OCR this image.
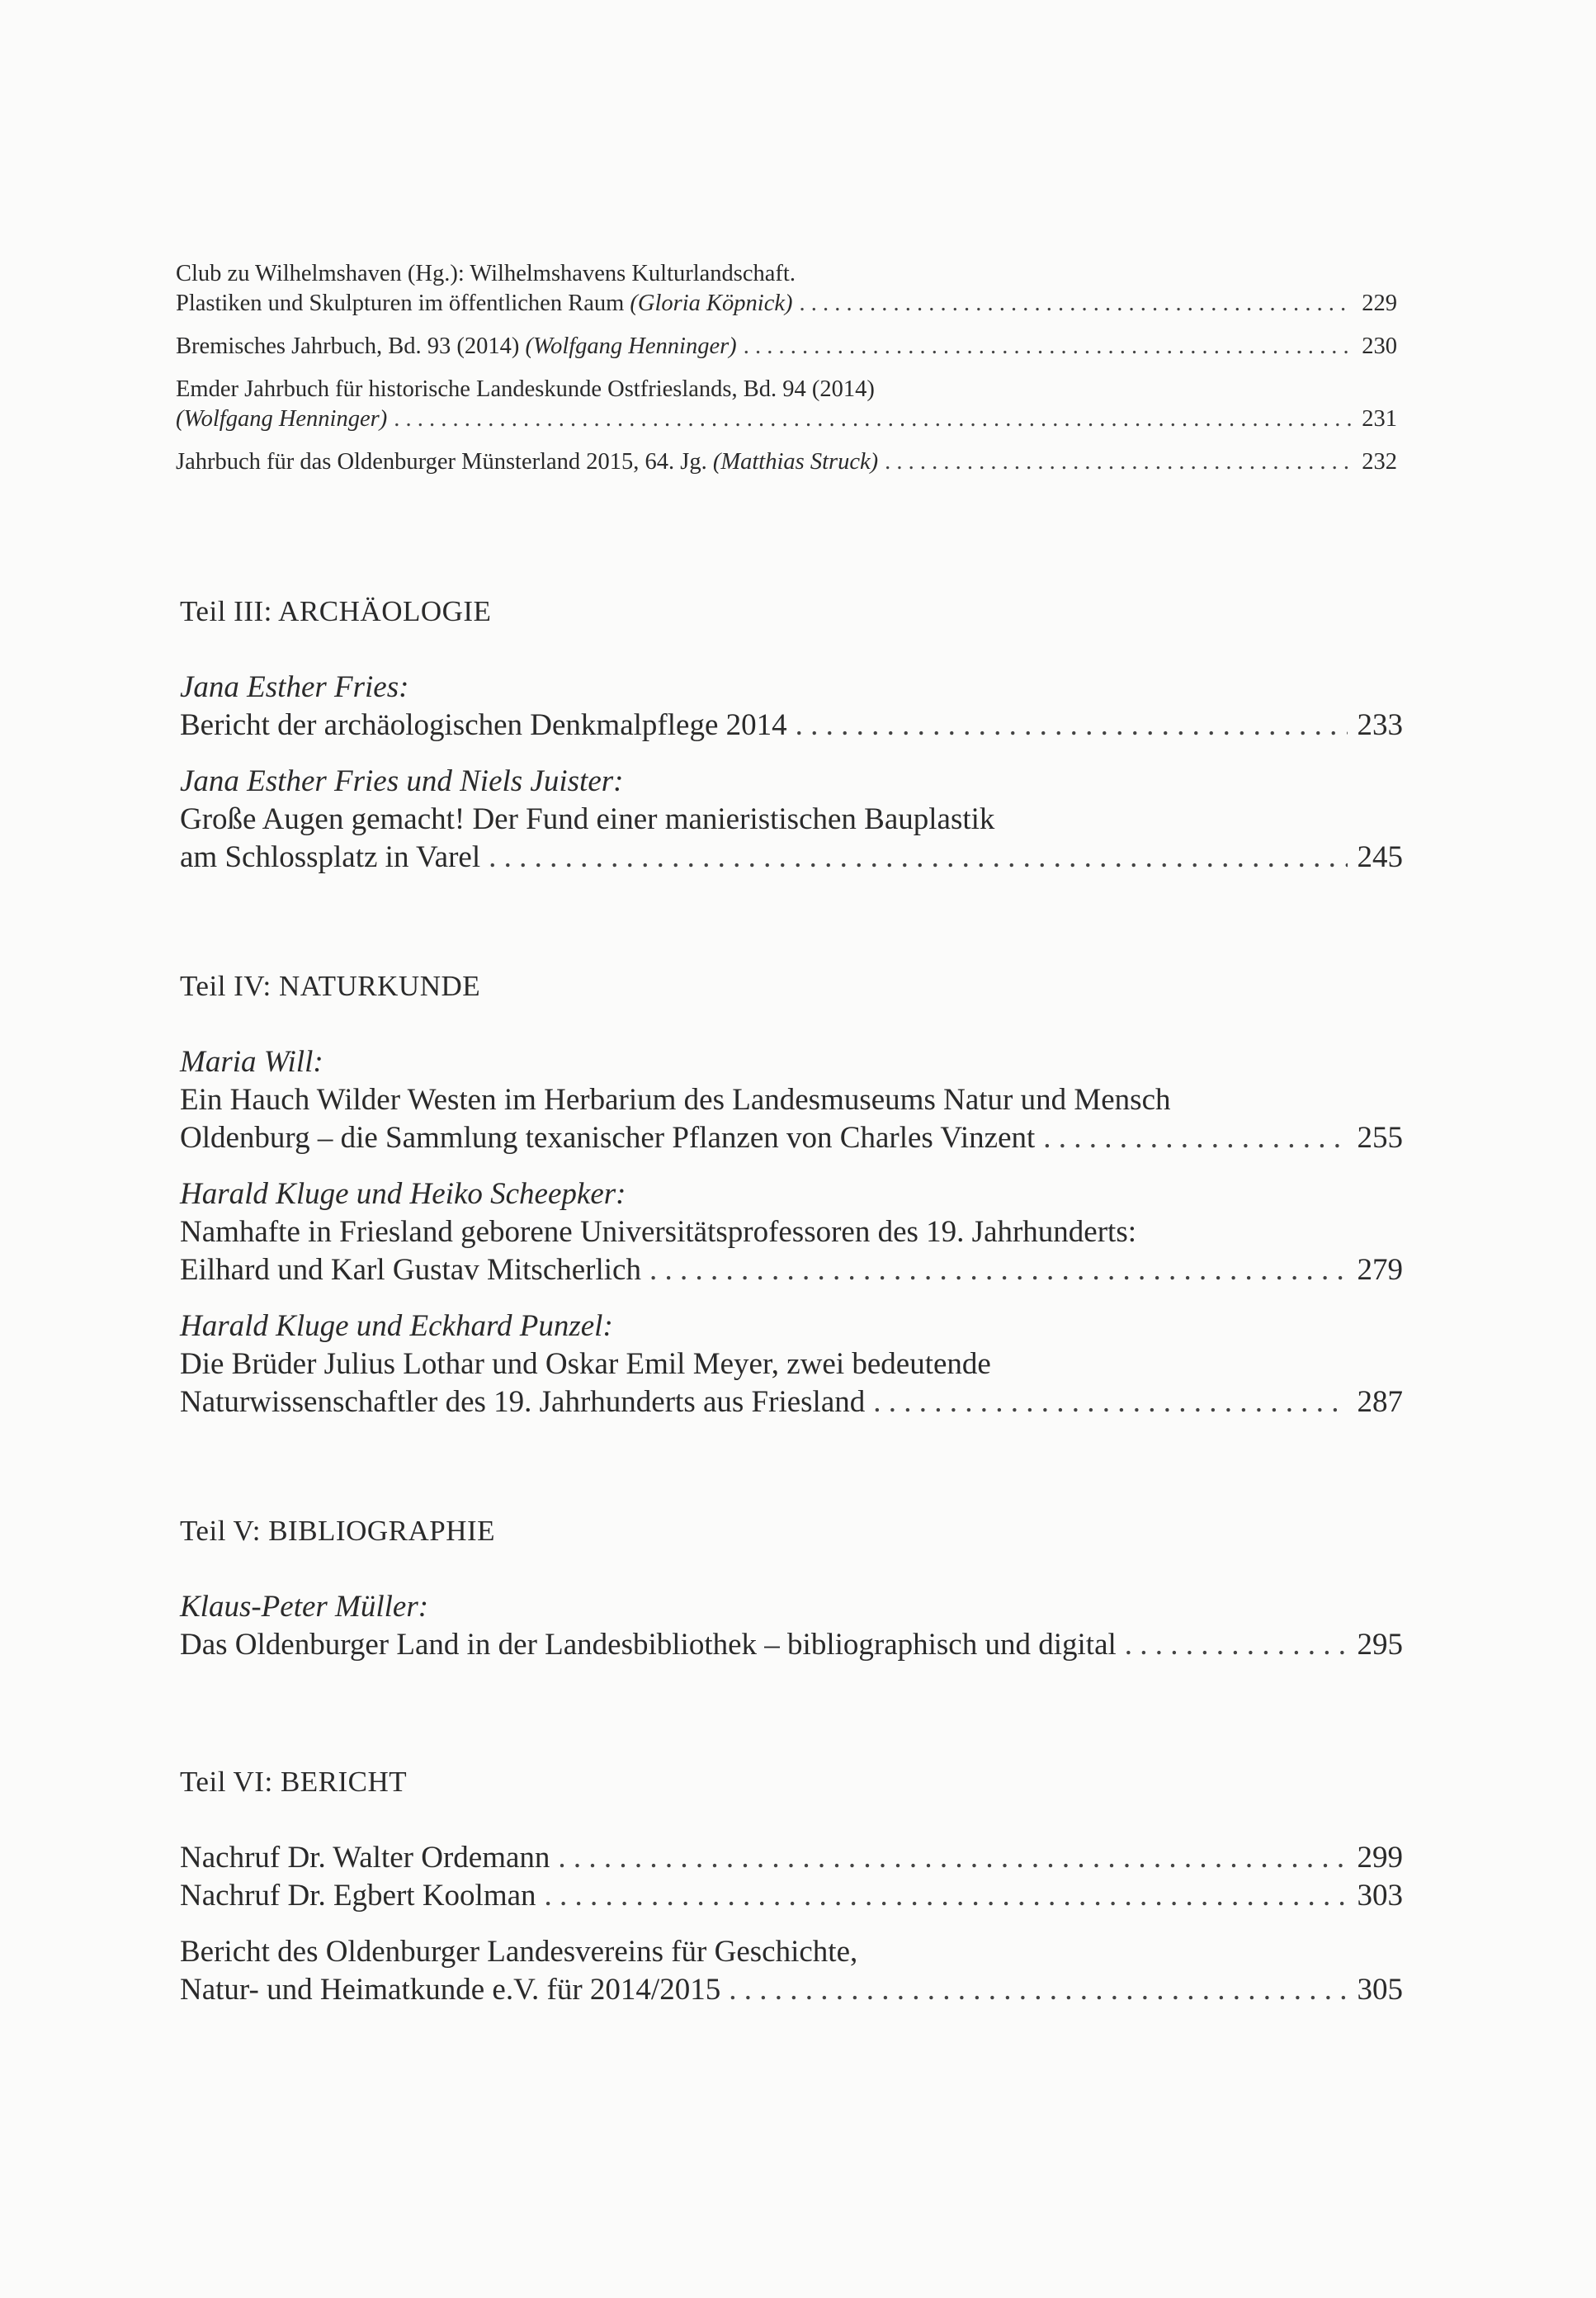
Club zu Wilhelmshaven (Hg.): Wilhelmshavens Kulturlandschaft.
Plastiken und Skulpturen im öffentlichen Raum (Gloria Köpnick) . . .	229
Bremisches Jahrbuch, Bd. 93 (2014) (Wolfgang Henninger) . . .	230
Emder Jahrbuch für historische Landeskunde Ostfrieslands, Bd. 94 (2014)
(Wolfgang Henninger) . . .	231
Jahrbuch für das Oldenburger Münsterland 2015, 64. Jg. (Matthias Struck) . . .	232
Teil III: ARCHÄOLOGIE
Jana Esther Fries:
Bericht der archäologischen Denkmalpflege 2014 . . .	233
Jana Esther Fries und Niels Juister:
Große Augen gemacht! Der Fund einer manieristischen Bauplastik
am Schlossplatz in Varel . . .	245
Teil IV: NATURKUNDE
Maria Will:
Ein Hauch Wilder Westen im Herbarium des Landesmuseums Natur und Mensch
Oldenburg – die Sammlung texanischer Pflanzen von Charles Vinzent . . .	255
Harald Kluge und Heiko Scheepker:
Namhafte in Friesland geborene Universitätsprofessoren des 19. Jahrhunderts:
Eilhard und Karl Gustav Mitscherlich . . .	279
Harald Kluge und Eckhard Punzel:
Die Brüder Julius Lothar und Oskar Emil Meyer, zwei bedeutende
Naturwissenschaftler des 19. Jahrhunderts aus Friesland . . .	287
Teil V: BIBLIOGRAPHIE
Klaus-Peter Müller:
Das Oldenburger Land in der Landesbibliothek – bibliographisch und digital . . .	295
Teil VI: BERICHT
Nachruf Dr. Walter Ordemann . . .	299
Nachruf Dr. Egbert Koolman . . .	303
Bericht des Oldenburger Landesvereins für Geschichte,
Natur- und Heimatkunde e.V. für 2014/2015 . . .	305
